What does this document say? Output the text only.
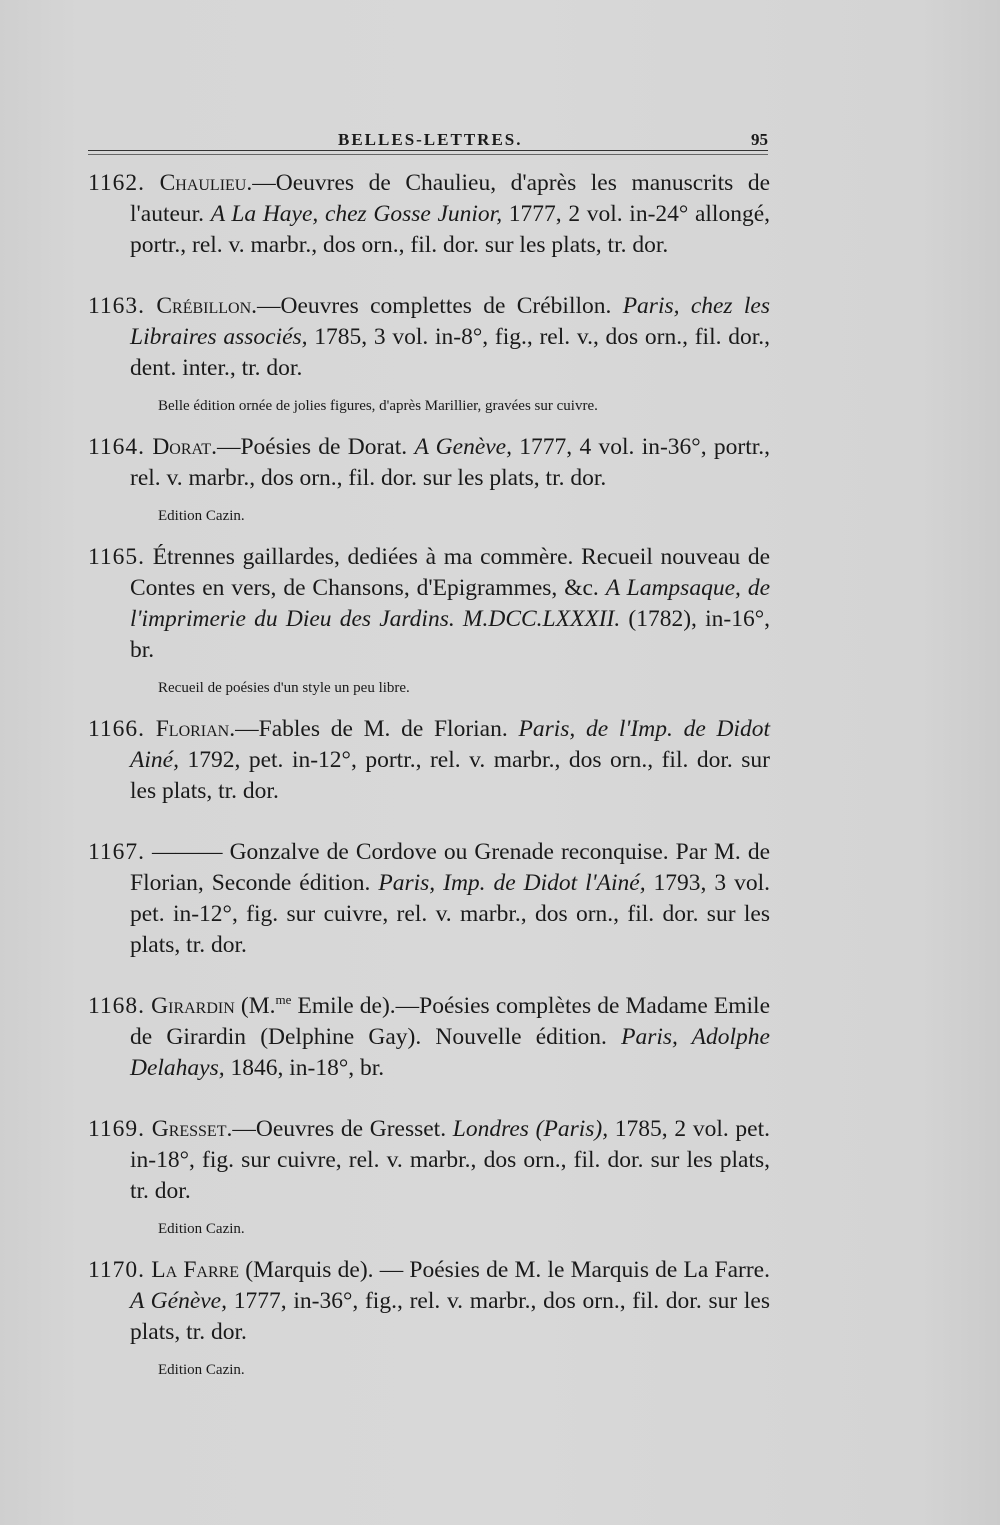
BELLES-LETTRES.	95

1162. Chaulieu.—Oeuvres de Chaulieu, d'après les manuscrits de l'auteur. A La Haye, chez Gosse Junior, 1777, 2 vol. in-24° allongé, portr., rel. v. marbr., dos orn., fil. dor. sur les plats, tr. dor.

1163. Crébillon.—Oeuvres complettes de Crébillon. Paris, chez les Libraires associés, 1785, 3 vol. in-8°, fig., rel. v., dos orn., fil. dor., dent. inter., tr. dor.

Belle édition ornée de jolies figures, d'après Marillier, gravées sur cuivre.

1164. Dorat.—Poésies de Dorat. A Genève, 1777, 4 vol. in-36°, portr., rel. v. marbr., dos orn., fil. dor. sur les plats, tr. dor.

Edition Cazin.

1165. Étrennes gaillardes, dediées à ma commère. Recueil nouveau de Contes en vers, de Chansons, d'Epigrammes, &c. A Lampsaque, de l'imprimerie du Dieu des Jardins. M.DCC.LXXXII. (1782), in-16°, br.

Recueil de poésies d'un style un peu libre.

1166. Florian.—Fables de M. de Florian. Paris, de l'Imp. de Didot Ainé, 1792, pet. in-12°, portr., rel. v. marbr., dos orn., fil. dor. sur les plats, tr. dor.

1167. ——— Gonzalve de Cordove ou Grenade reconquise. Par M. de Florian, Seconde édition. Paris, Imp. de Didot l'Ainé, 1793, 3 vol. pet. in-12°, fig. sur cuivre, rel. v. marbr., dos orn., fil. dor. sur les plats, tr. dor.

1168. Girardin (M.$^{me}$ Emile de).—Poésies complètes de Madame Emile de Girardin (Delphine Gay). Nouvelle édition. Paris, Adolphe Delahays, 1846, in-18°, br.

1169. Gresset.—Oeuvres de Gresset. Londres (Paris), 1785, 2 vol. pet. in-18°, fig. sur cuivre, rel. v. marbr., dos orn., fil. dor. sur les plats, tr. dor.

Edition Cazin.

1170. La Farre (Marquis de). — Poésies de M. le Marquis de La Farre. A Génève, 1777, in-36°, fig., rel. v. marbr., dos orn., fil. dor. sur les plats, tr. dor.

Edition Cazin.
